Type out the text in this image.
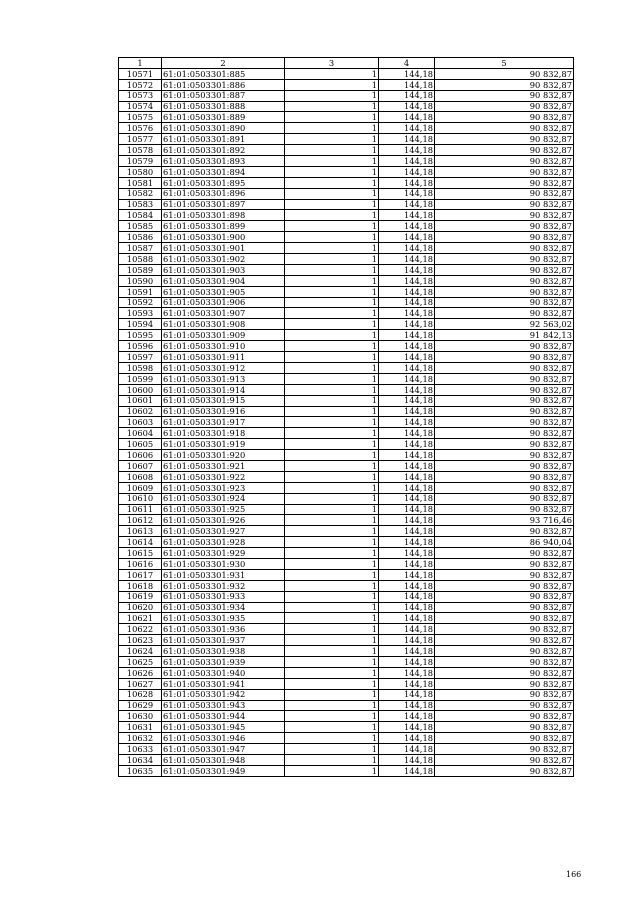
1	2	3	4	5
10571	61:01:0503301:885	1	144,18	90 832,87
10572	61:01:0503301:886	1	144,18	90 832,87
10573	61:01:0503301:887	1	144,18	90 832,87
10574	61:01:0503301:888	1	144,18	90 832,87
10575	61:01:0503301:889	1	144,18	90 832,87
10576	61:01:0503301:890	1	144,18	90 832,87
10577	61:01:0503301:891	1	144,18	90 832,87
10578	61:01:0503301:892	1	144,18	90 832,87
10579	61:01:0503301:893	1	144,18	90 832,87
10580	61:01:0503301:894	1	144,18	90 832,87
10581	61:01:0503301:895	1	144,18	90 832,87
10582	61:01:0503301:896	1	144,18	90 832,87
10583	61:01:0503301:897	1	144,18	90 832,87
10584	61:01:0503301:898	1	144,18	90 832,87
10585	61:01:0503301:899	1	144,18	90 832,87
10586	61:01:0503301:900	1	144,18	90 832,87
10587	61:01:0503301:901	1	144,18	90 832,87
10588	61:01:0503301:902	1	144,18	90 832,87
10589	61:01:0503301:903	1	144,18	90 832,87
10590	61:01:0503301:904	1	144,18	90 832,87
10591	61:01:0503301:905	1	144,18	90 832,87
10592	61:01:0503301:906	1	144,18	90 832,87
10593	61:01:0503301:907	1	144,18	90 832,87
10594	61:01:0503301:908	1	144,18	92 563,02
10595	61:01:0503301:909	1	144,18	91 842,13
10596	61:01:0503301:910	1	144,18	90 832,87
10597	61:01:0503301:911	1	144,18	90 832,87
10598	61:01:0503301:912	1	144,18	90 832,87
10599	61:01:0503301:913	1	144,18	90 832,87
10600	61:01:0503301:914	1	144,18	90 832,87
10601	61:01:0503301:915	1	144,18	90 832,87
10602	61:01:0503301:916	1	144,18	90 832,87
10603	61:01:0503301:917	1	144,18	90 832,87
10604	61:01:0503301:918	1	144,18	90 832,87
10605	61:01:0503301:919	1	144,18	90 832,87
10606	61:01:0503301:920	1	144,18	90 832,87
10607	61:01:0503301:921	1	144,18	90 832,87
10608	61:01:0503301:922	1	144,18	90 832,87
10609	61:01:0503301:923	1	144,18	90 832,87
10610	61:01:0503301:924	1	144,18	90 832,87
10611	61:01:0503301:925	1	144,18	90 832,87
10612	61:01:0503301:926	1	144,18	93 716,46
10613	61:01:0503301:927	1	144,18	90 832,87
10614	61:01:0503301:928	1	144,18	86 940,04
10615	61:01:0503301:929	1	144,18	90 832,87
10616	61:01:0503301:930	1	144,18	90 832,87
10617	61:01:0503301:931	1	144,18	90 832,87
10618	61:01:0503301:932	1	144,18	90 832,87
10619	61:01:0503301:933	1	144,18	90 832,87
10620	61:01:0503301:934	1	144,18	90 832,87
10621	61:01:0503301:935	1	144,18	90 832,87
10622	61:01:0503301:936	1	144,18	90 832,87
10623	61:01:0503301:937	1	144,18	90 832,87
10624	61:01:0503301:938	1	144,18	90 832,87
10625	61:01:0503301:939	1	144,18	90 832,87
10626	61:01:0503301:940	1	144,18	90 832,87
10627	61:01:0503301:941	1	144,18	90 832,87
10628	61:01:0503301:942	1	144,18	90 832,87
10629	61:01:0503301:943	1	144,18	90 832,87
10630	61:01:0503301:944	1	144,18	90 832,87
10631	61:01:0503301:945	1	144,18	90 832,87
10632	61:01:0503301:946	1	144,18	90 832,87
10633	61:01:0503301:947	1	144,18	90 832,87
10634	61:01:0503301:948	1	144,18	90 832,87
10635	61:01:0503301:949	1	144,18	90 832,87
166
